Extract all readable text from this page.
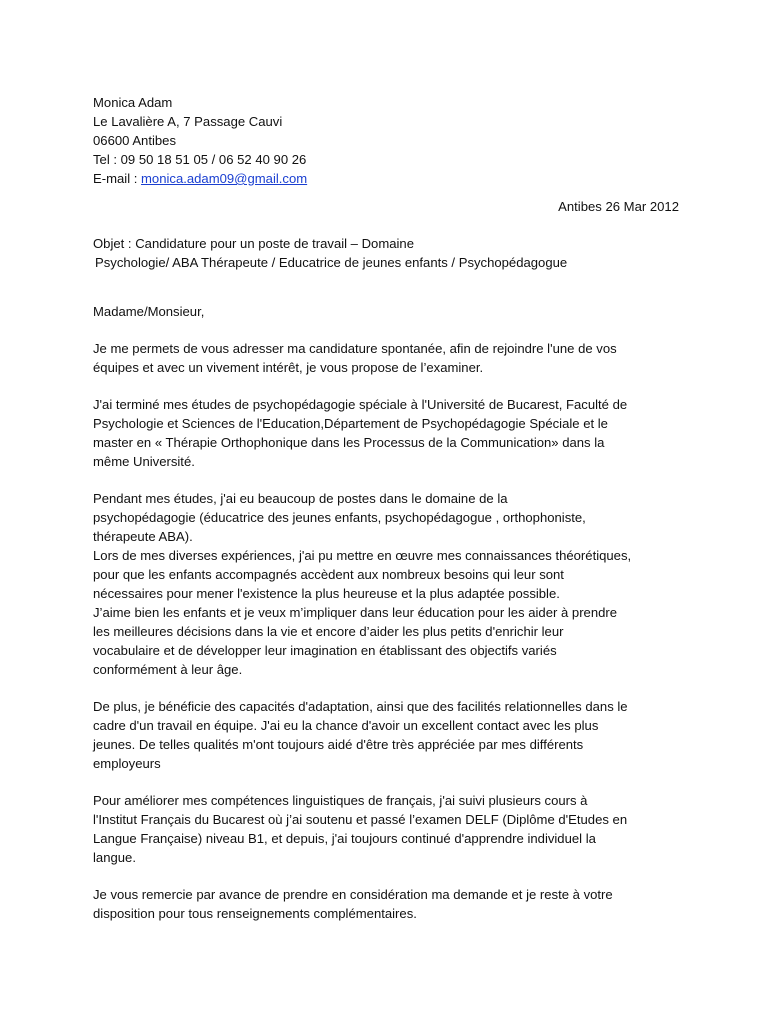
Monica Adam
Le Lavalière A, 7 Passage Cauvi
06600 Antibes
Tel : 09 50 18 51 05 / 06 52 40 90 26
E-mail : monica.adam09@gmail.com
Antibes 26 Mar 2012
Objet : Candidature pour un poste de travail – Domaine
Psychologie/ ABA Thérapeute / Educatrice de jeunes enfants / Psychopédagogue
Madame/Monsieur,
Je me permets de vous adresser ma candidature spontanée, afin de rejoindre l'une de vos
équipes et avec un vivement intérêt, je vous propose de l’examiner.
J'ai terminé mes études de psychopédagogie spéciale à l'Université de Bucarest, Faculté de
Psychologie et Sciences de l'Education,Département de Psychopédagogie Spéciale et le
master en « Thérapie Orthophonique dans les Processus de la Communication» dans la
même Université.
Pendant mes études, j'ai eu beaucoup de postes dans le domaine de la
psychopédagogie (éducatrice des jeunes enfants, psychopédagogue , orthophoniste,
thérapeute ABA).
Lors de mes diverses expériences, j'ai pu mettre en œuvre mes connaissances théorétiques,
pour que les enfants accompagnés accèdent aux nombreux besoins qui leur sont
nécessaires pour mener l'existence la plus heureuse et la plus adaptée possible.
J’aime bien les enfants et je veux m’impliquer dans leur éducation pour les aider à prendre
les meilleures décisions dans la vie et encore d’aider les plus petits d'enrichir leur
vocabulaire et de développer leur imagination en établissant des objectifs variés
conformément à leur âge.
De plus, je bénéficie des capacités d'adaptation, ainsi que des facilités relationnelles dans le
cadre d'un travail en équipe. J'ai eu la chance d'avoir un excellent contact avec les plus
jeunes. De telles qualités m'ont toujours aidé d'être très appréciée par mes différents
employeurs
Pour améliorer mes compétences linguistiques de français, j'ai suivi plusieurs cours à
l'Institut Français du Bucarest où j’ai soutenu et passé l’examen DELF (Diplôme d'Etudes en
Langue Française) niveau B1, et depuis, j'ai toujours continué d'apprendre individuel la
langue.
Je vous remercie par avance de prendre en considération ma demande et je reste à votre
disposition pour tous renseignements complémentaires.
